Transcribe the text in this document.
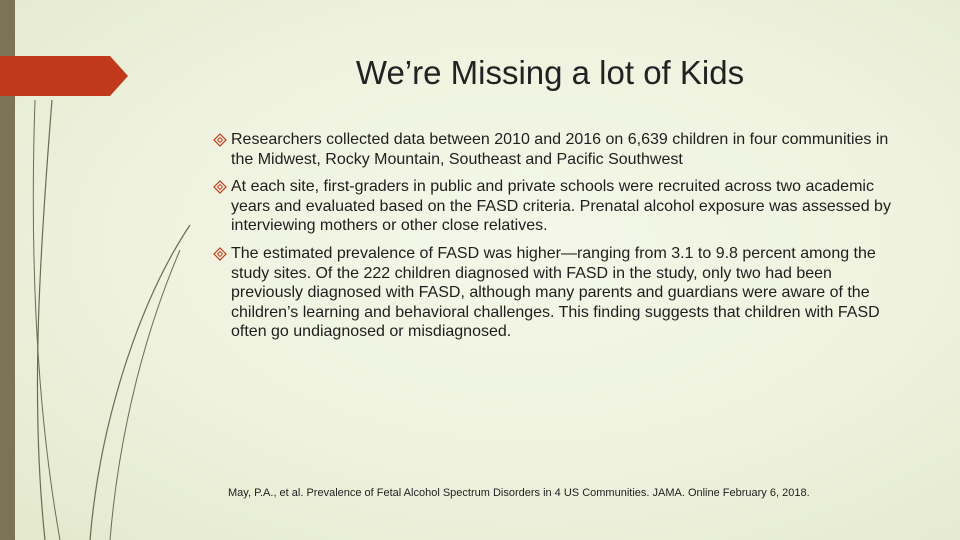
We’re Missing a lot of Kids
Researchers collected data between 2010 and 2016 on 6,639 children in four communities in the Midwest, Rocky Mountain, Southeast and Pacific Southwest
At each site, first-graders in public and private schools were recruited across two academic years and evaluated based on the FASD criteria. Prenatal alcohol exposure was assessed by interviewing mothers or other close relatives.
The estimated prevalence of FASD was higher—ranging from 3.1 to 9.8 percent among the study sites. Of the 222 children diagnosed with FASD in the study, only two had been previously diagnosed with FASD, although many parents and guardians were aware of the children’s learning and behavioral challenges. This finding suggests that children with FASD often go undiagnosed or misdiagnosed.
May, P.A., et al. Prevalence of Fetal Alcohol Spectrum Disorders in 4 US Communities. JAMA. Online February 6, 2018.
